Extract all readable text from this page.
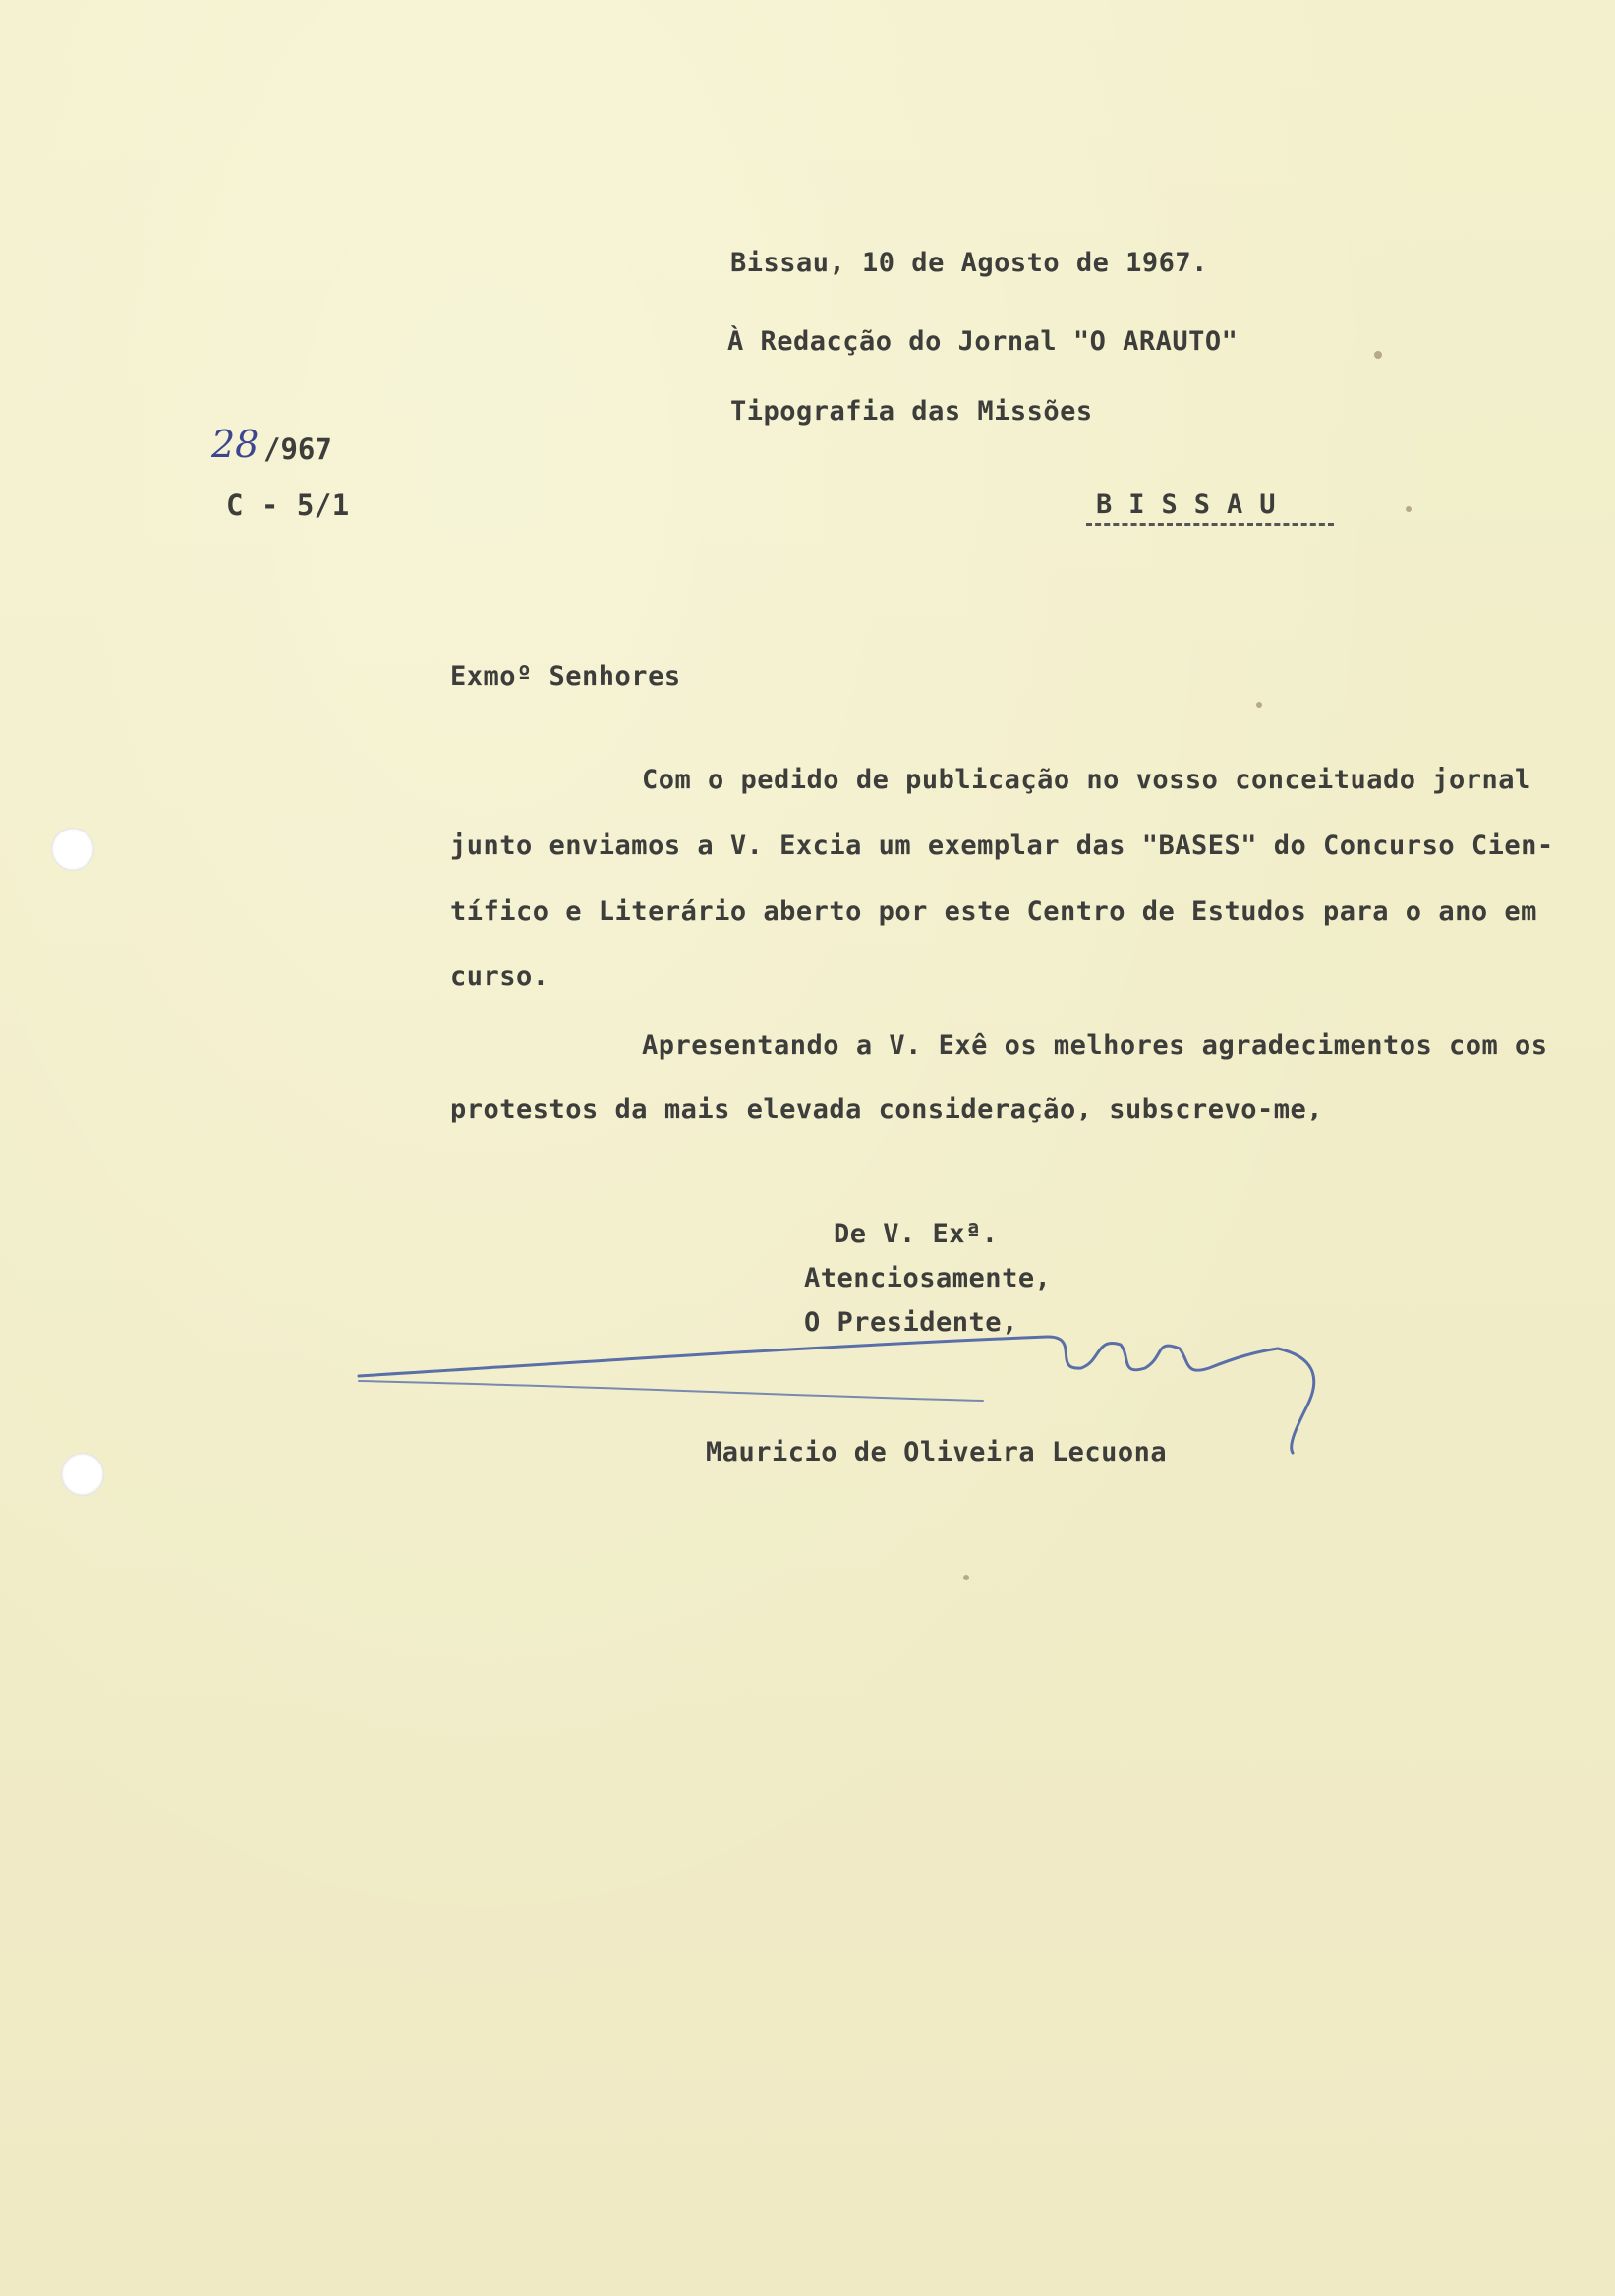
Bissau, 10 de Agosto de 1967.
À Redacção do Jornal "O ARAUTO"
Tipografia das Missões
BISSAU
28 /967
C - 5/1
Exmoº Senhores
Com o pedido de publicação no vosso conceituado jornal
junto enviamos a V. Excia um exemplar das "BASES" do Concurso Cien-
tífico e Literário aberto por este Centro de Estudos para o ano em
curso.
Apresentando a V. Exê os melhores agradecimentos com os
protestos da mais elevada consideração, subscrevo-me,
De V. Exª.
Atenciosamente,
O Presidente,
Mauricio de Oliveira Lecuona
